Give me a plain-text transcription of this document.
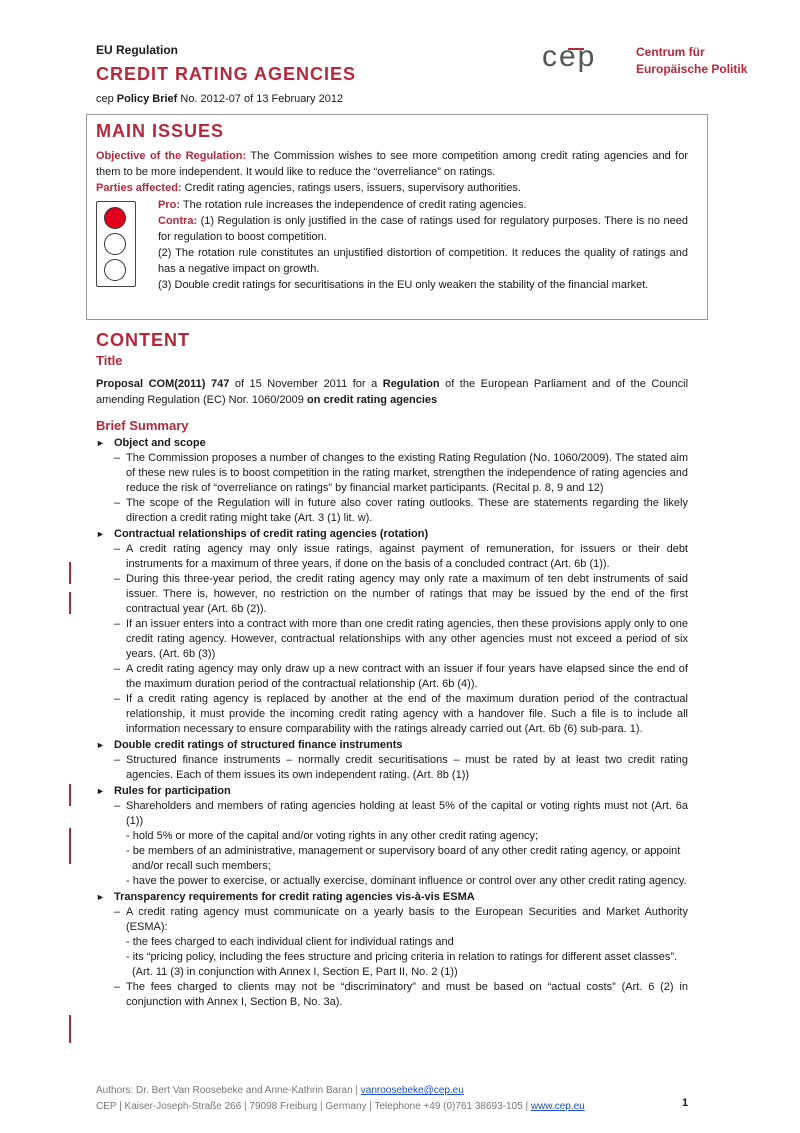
EU Regulation
CREDIT RATING AGENCIES
cep Policy Brief No. 2012-07 of 13 February 2012
cep	Centrum für
Europäische Politik
MAIN ISSUES
Objective of the Regulation: The Commission wishes to see more competition among credit rating agencies and for them to be more independent. It would like to reduce the “overreliance” on ratings.
Parties affected: Credit rating agencies, ratings users, issuers, supervisory authorities.
Pro: The rotation rule increases the independence of credit rating agencies.
Contra: (1) Regulation is only justified in the case of ratings used for regulatory purposes. There is no need for regulation to boost competition.
(2) The rotation rule constitutes an unjustified distortion of competition. It reduces the quality of ratings and has a negative impact on growth.
(3) Double credit ratings for securitisations in the EU only weaken the stability of the financial market.
CONTENT
Title
Proposal COM(2011) 747 of 15 November 2011 for a Regulation of the European Parliament and of the Council amending Regulation (EC) Nor. 1060/2009 on credit rating agencies
Brief Summary
► Object and scope
– The Commission proposes a number of changes to the existing Rating Regulation (No. 1060/2009). The stated aim of these new rules is to boost competition in the rating market, strengthen the independence of rating agencies and reduce the risk of “overreliance on ratings” by financial market participants. (Recital p. 8, 9 and 12)
– The scope of the Regulation will in future also cover rating outlooks. These are statements regarding the likely direction a credit rating might take (Art. 3 (1) lit. w).
► Contractual relationships of credit rating agencies (rotation)
– A credit rating agency may only issue ratings, against payment of remuneration, for issuers or their debt instruments for a maximum of three years, if done on the basis of a concluded contract (Art. 6b (1)).
– During this three-year period, the credit rating agency may only rate a maximum of ten debt instruments of said issuer. There is, however, no restriction on the number of ratings that may be issued by the end of the first contractual year (Art. 6b (2)).
– If an issuer enters into a contract with more than one credit rating agencies, then these provisions apply only to one credit rating agency. However, contractual relationships with any other agencies must not exceed a period of six years. (Art. 6b (3))
– A credit rating agency may only draw up a new contract with an issuer if four years have elapsed since the end of the maximum duration period of the contractual relationship (Art. 6b (4)).
– If a credit rating agency is replaced by another at the end of the maximum duration period of the contractual relationship, it must provide the incoming credit rating agency with a handover file. Such a file is to include all information necessary to ensure comparability with the ratings already carried out (Art. 6b (6) sub-para. 1).
► Double credit ratings of structured finance instruments
– Structured finance instruments – normally credit securitisations – must be rated by at least two credit rating agencies. Each of them issues its own independent rating. (Art. 8b (1))
► Rules for participation
– Shareholders and members of rating agencies holding at least 5% of the capital or voting rights must not (Art. 6a (1))
- hold 5% or more of the capital and/or voting rights in any other credit rating agency;
- be members of an administrative, management or supervisory board of any other credit rating agency, or appoint and/or recall such members;
- have the power to exercise, or actually exercise, dominant influence or control over any other credit rating agency.
► Transparency requirements for credit rating agencies vis-à-vis ESMA
– A credit rating agency must communicate on a yearly basis to the European Securities and Market Authority (ESMA):
- the fees charged to each individual client for individual ratings and
- its “pricing policy, including the fees structure and pricing criteria in relation to ratings for different asset classes”. (Art. 11 (3) in conjunction with Annex I, Section E, Part II, No. 2 (1))
– The fees charged to clients may not be “discriminatory” and must be based on “actual costs” (Art. 6 (2) in conjunction with Annex I, Section B, No. 3a).
Authors: Dr. Bert Van Roosebeke and Anne-Kathrin Baran | vanroosebeke@cep.eu
CEP | Kaiser-Joseph-Straße 266 | 79098 Freiburg | Germany | Telephone +49 (0)761 38693-105 | www.cep.eu	1
